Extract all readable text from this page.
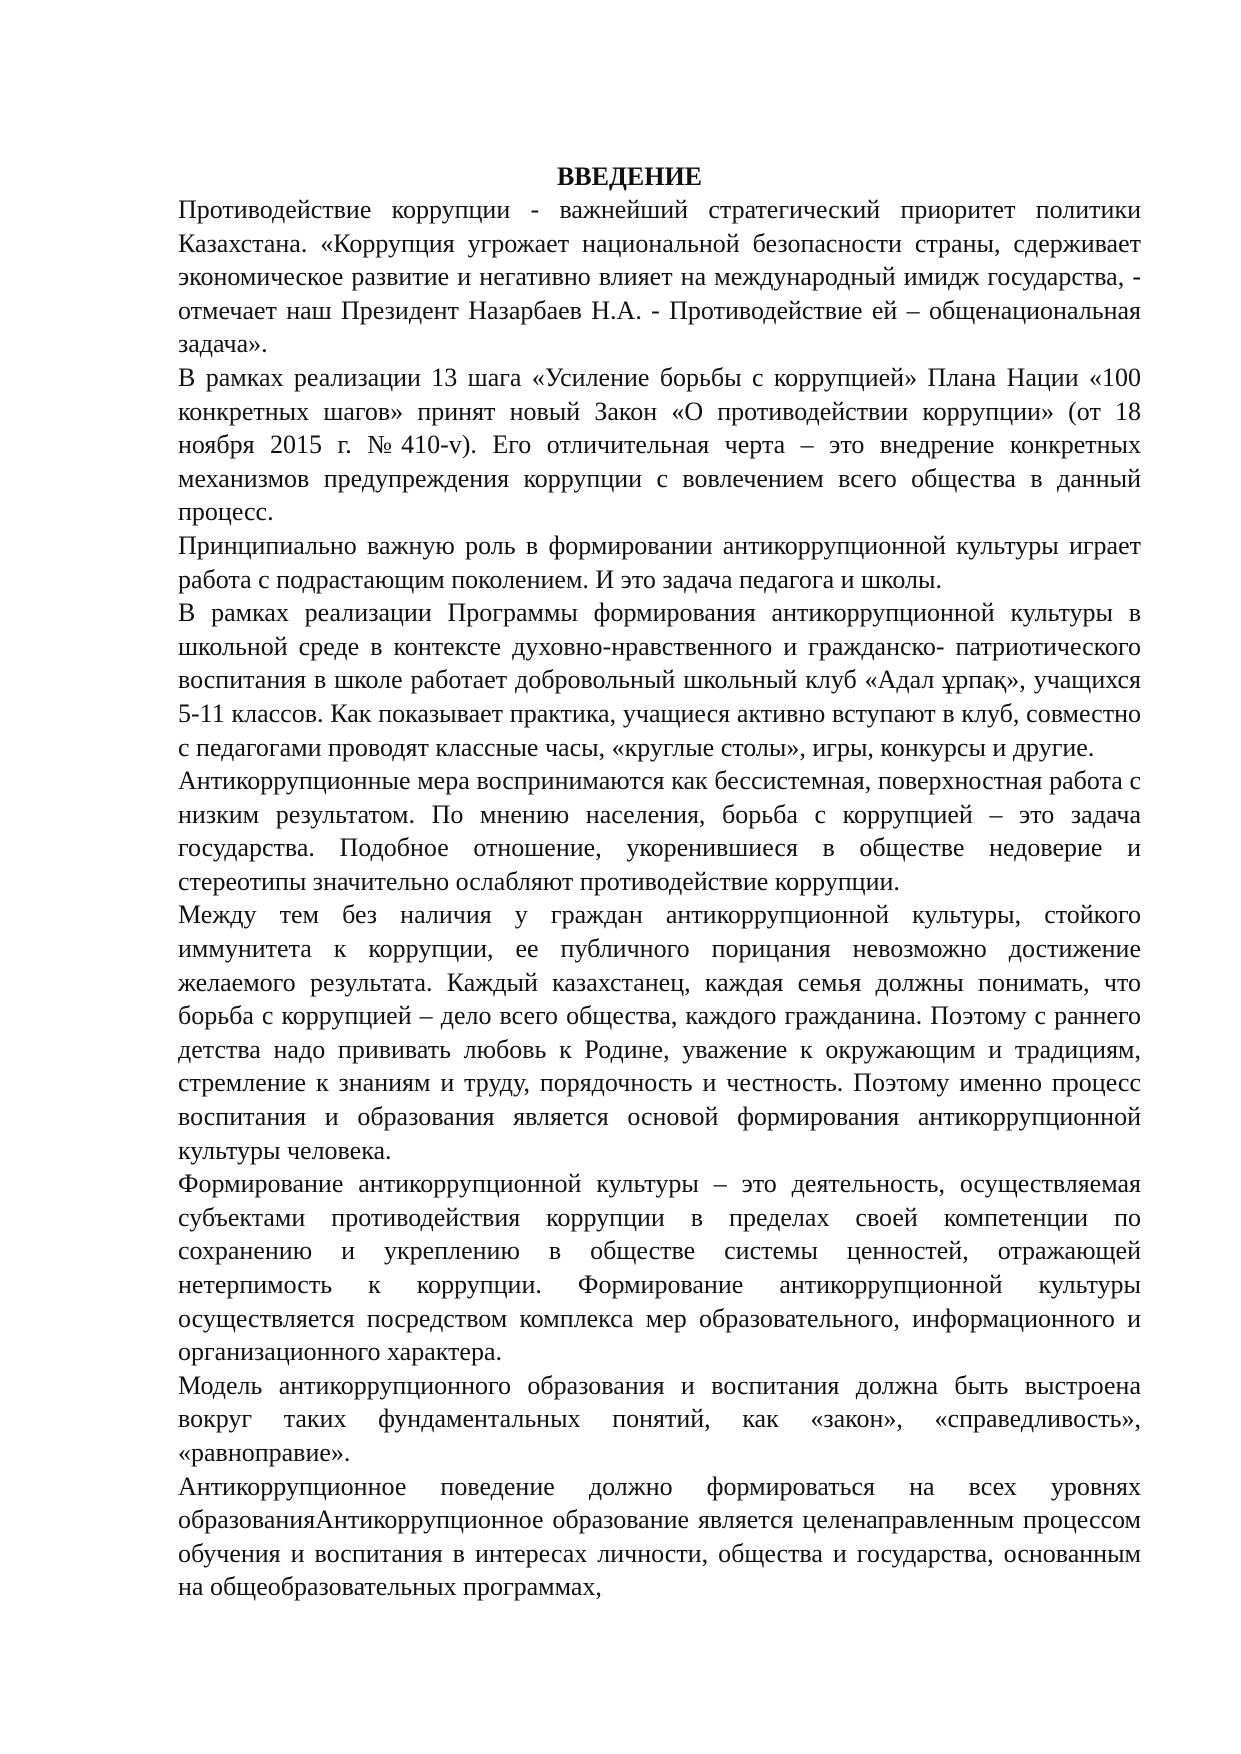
ВВЕДЕНИЕ

Противодействие коррупции - важнейший стратегический приоритет политики Казахстана. «Коррупция угрожает национальной безопасности страны, сдерживает экономическое развитие и негативно влияет на международный имидж государства, - отмечает наш Президент Назарбаев Н.А. - Противодействие ей – общенациональная задача».

В рамках реализации 13 шага «Усиление борьбы с коррупцией» Плана Нации «100 конкретных шагов» принят новый Закон «О противодействии коррупции» (от 18 ноября 2015 г. №410-v). Его отличительная черта – это внедрение конкретных механизмов предупреждения коррупции с вовлечением всего общества в данный процесс.

Принципиально важную роль в формировании антикоррупционной культуры играет работа с подрастающим поколением. И это задача педагога и школы.

В рамках реализации Программы формирования антикоррупционной культуры в школьной среде в контексте духовно-нравственного и гражданско- патриотического воспитания в школе работает добровольный школьный клуб «Адал ұрпақ», учащихся 5-11 классов. Как показывает практика, учащиеся активно вступают в клуб, совместно с педагогами проводят классные часы, «круглые столы», игры, конкурсы и другие.

Антикоррупционные мера воспринимаются как бессистемная, поверхностная работа с низким результатом. По мнению населения, борьба с коррупцией – это задача государства. Подобное отношение, укоренившиеся в обществе недоверие и стереотипы значительно ослабляют противодействие коррупции.

Между тем без наличия у граждан антикоррупционной культуры, стойкого иммунитета к коррупции, ее публичного порицания невозможно достижение желаемого результата. Каждый казахстанец, каждая семья должны понимать, что борьба с коррупцией – дело всего общества, каждого гражданина. Поэтому с раннего детства надо прививать любовь к Родине, уважение к окружающим и традициям, стремление к знаниям и труду, порядочность и честность. Поэтому именно процесс воспитания и образования является основой формирования антикоррупционной культуры человека.

Формирование антикоррупционной культуры – это деятельность, осуществляемая субъектами противодействия коррупции в пределах своей компетенции по сохранению и укреплению в обществе системы ценностей, отражающей нетерпимость к коррупции. Формирование антикоррупционной культуры осуществляется посредством комплекса мер образовательного, информационного и организационного характера.

Модель антикоррупционного образования и воспитания должна быть выстроена вокруг таких фундаментальных понятий, как «закон», «справедливость», «равноправие».

Антикоррупционное поведение должно формироваться на всех уровнях образованияАнтикоррупционное образование является целенаправленным процессом обучения и воспитания в интересах личности, общества и государства, основанным на общеобразовательных программах,
